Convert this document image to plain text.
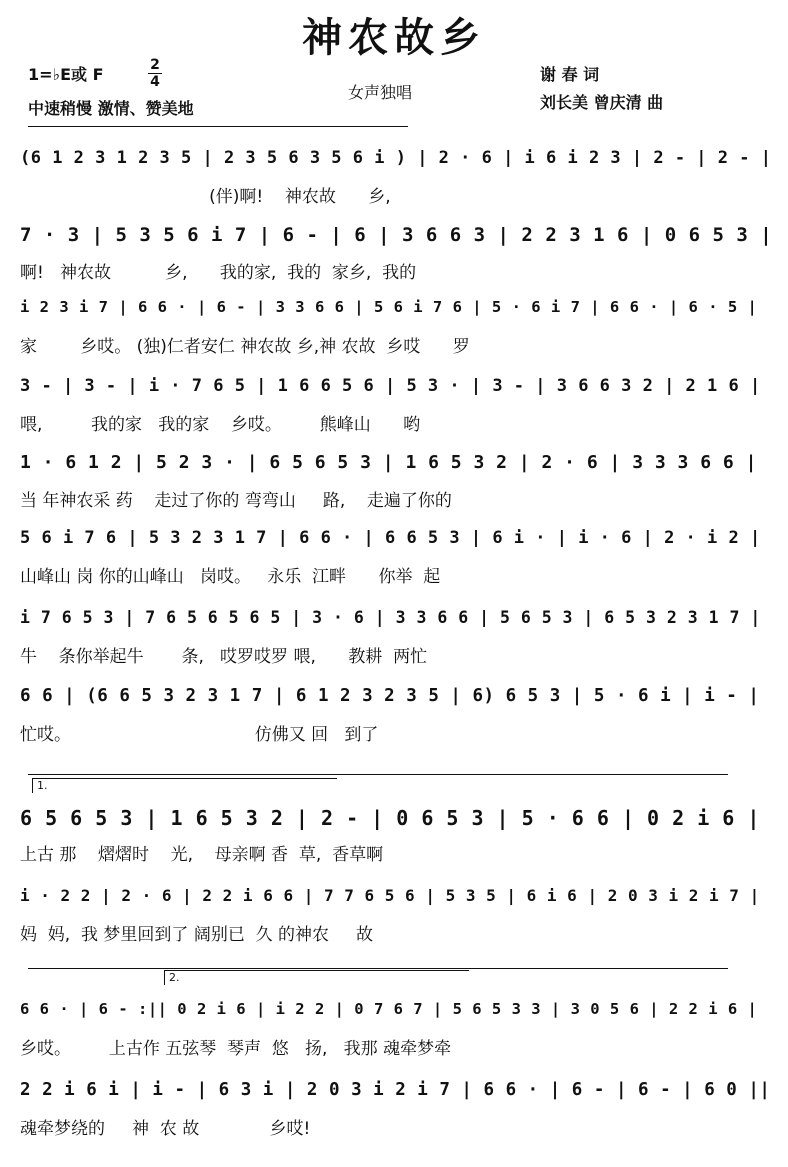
神农故乡
1=♭E或 F	2
4
中速稍慢 激情、赞美地
女声独唱
谢 春 词
刘长美 曾庆清 曲
(6 1 2 3 1 2 3 5 | 2 3 5 6 3 5 6 i ) | 2 · 6 | i 6 i 2 3 | 2 - | 2 - |
(伴)啊!    神农故      乡,
7 · 3 | 5 3 5 6 i 7 | 6 - | 6 | 3 6 6 3 | 2 2 3 1 6 | 0 6 5 3 |
啊!   神农故          乡,      我的家,  我的  家乡,  我的
i 2 3 i 7 | 6 6 · | 6 - | 3 3 6 6 | 5 6 i 7 6 | 5 · 6 i 7 | 6 6 · | 6 · 5 |
家        乡哎。 (独)仁者安仁 神农故 乡,神 农故  乡哎      罗
3 - | 3 - | i · 7 6 5 | 1 6 6 5 6 | 5 3 · | 3 - | 3 6 6 3 2 | 2 1 6 |
喂,         我的家   我的家    乡哎。       熊峰山      哟
1 · 6 1 2 | 5 2 3 · | 6 5 6 5 3 | 1 6 5 3 2 | 2 · 6 | 3 3 3 6 6 |
当 年神农采 药    走过了你的 弯弯山     路,    走遍了你的
5 6 i 7 6 | 5 3 2 3 1 7 | 6 6 · | 6 6 5 3 | 6 i · | i · 6 | 2 · i 2 |
山峰山 岗 你的山峰山   岗哎。   永乐  江畔      你举  起
i 7 6 5 3 | 7 6 5 6 5 6 5 | 3 · 6 | 3 3 6 6 | 5 6 5 3 | 6 5 3 2 3 1 7 |
牛    条你举起牛       条,   哎罗哎罗 喂,      教耕  两忙
6 6 | (6 6 5 3 2 3 1 7 | 6 1 2 3 2 3 5 | 6) 6 5 3 | 5 · 6 i | i - |
忙哎。                                  仿佛又 回   到了
6 5 6 5 3 | 1 6 5 3 2 | 2 - | 0 6 5 3 | 5 · 6 6 | 0 2 i 6 |
上古 那    熠熠时    光,    母亲啊 香  草,  香草啊
i · 2 2 | 2 · 6 | 2 2 i 6 6 | 7 7 6 5 6 | 5 3 5 | 6 i 6 | 2 0 3 i 2 i 7 |
妈  妈,  我 梦里回到了 阔别已  久 的神农     故
6 6 · | 6 - :|| 0 2 i 6 | i 2 2 | 0 7 6 7 | 5 6 5 3 3 | 3 0 5 6 | 2 2 i 6 |
乡哎。       上古作 五弦琴  琴声  悠   扬,   我那 魂牵梦牵
2 2 i 6 i | i - | 6 3 i | 2 0 3 i 2 i 7 | 6 6 · | 6 - | 6 - | 6 0 ||
魂牵梦绕的     神  农 故             乡哎!
1.
2.
